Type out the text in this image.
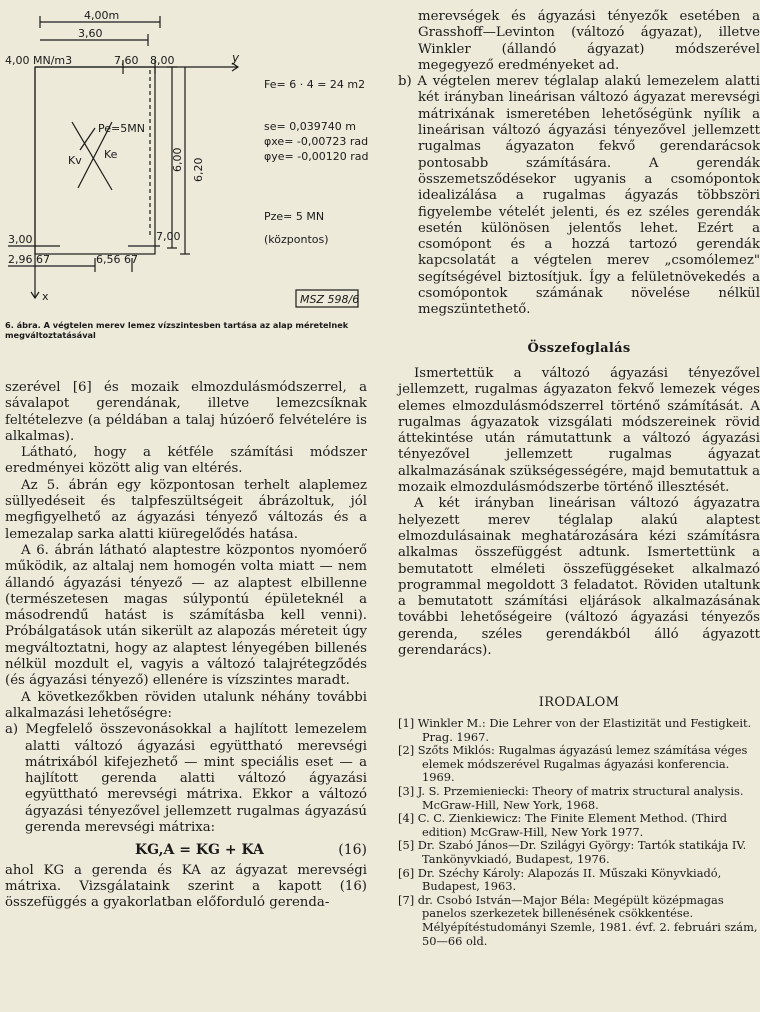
4,00m
3,60
4,00 MN/m3	7,60 8,00	y
x
Fe= 6 · 4 = 24 m2
se= 0,039740 m
φxe= -0,00723 rad
φye= -0,00120 rad
Pe=5MN
Ke
Kv	6,00 6,20
Pze= 5 MN
(központos)
3,00	7,00
2,96 67	6,56 67
MSZ 598/6
6. ábra. A végtelen merev lemez vízszintesben tartása az alap méretelnek megváltoztatásával

szerével [6] és mozaik elmozdulásmódszerrel, a sávalapot gerendának, illetve lemezcsíknak feltételezve (a példában a talaj húzóerő felvételére is alkalmas).

Látható, hogy a kétféle számítási módszer eredményei között alig van eltérés.

Az 5. ábrán egy központosan terhelt alaplemez süllyedéseit és talpfeszültségeit ábrázoltuk, jól megfigyelhető az ágyazási tényező változás és a lemezalap sarka alatti kiüregelődés hatása.

A 6. ábrán látható alaptestre központos nyomóerő működik, az altalaj nem homogén volta miatt — nem állandó ágyazási tényező — az alaptest elbillenne (természetesen magas súlypontú épületeknél a másodrendű hatást is számításba kell venni). Próbálgatások után sikerült az alapozás méreteit úgy megváltoztatni, hogy az alaptest lényegében billenés nélkül mozdult el, vagyis a változó talajrétegződés (és ágyazási tényező) ellenére is vízszintes maradt.

A következőkben röviden utalunk néhány további alkalmazási lehetőségre:

a) Megfelelő összevonásokkal a hajlított lemezelem alatti változó ágyazási együttható merevségi mátrixából kifejezhető — mint speciális eset — a hajlított gerenda alatti változó ágyazási együttható merevségi mátrixa. Ekkor a változó ágyazási tényezővel jellemzett rugalmas ágyazású gerenda merevségi mátrixa:

KG,A = KG + KA	(16)

ahol KG a gerenda és KA az ágyazat merevségi mátrixa. Vizsgálataink szerint a kapott (16) összefüggés a gyakorlatban előforduló gerenda-

merevségek és ágyazási tényezők esetében a Grasshoff—Levinton (változó ágyazat), illetve Winkler (állandó ágyazat) módszerével megegyező eredményeket ad.

b) A végtelen merev téglalap alakú lemezelem alatti két irányban lineárisan változó ágyazat merevségi mátrixának ismeretében lehetőségünk nyílik a lineárisan változó ágyazási tényezővel jellemzett rugalmas ágyazaton fekvő gerendarácsok pontosabb számítására. A gerendák összemetsződésekor ugyanis a csomópontok idealizálása a rugalmas ágyazás többszöri figyelembe vételét jelenti, és ez széles gerendák esetén különösen jelentős lehet. Ezért a csomópont és a hozzá tartozó gerendák kapcsolatát a végtelen merev „csomólemez" segítségével biztosítjuk. Így a felületnövekedés a csomópontok számának növelése nélkül megszüntethető.

Összefoglalás

Ismertettük a változó ágyazási tényezővel jellemzett, rugalmas ágyazaton fekvő lemezek véges elemes elmozdulásmódszerrel történő számítását. A rugalmas ágyazatok vizsgálati módszereinek rövid áttekintése után rámutattunk a változó ágyazási tényezővel jellemzett rugalmas ágyazat alkalmazásának szükségességére, majd bemutattuk a mozaik elmozdulásmódszerbe történő illesztését.

A két irányban lineárisan változó ágyazatra helyezett merev téglalap alakú alaptest elmozdulásainak meghatározására kézi számításra alkalmas összefüggést adtunk. Ismertettünk a bemutatott elméleti összefüggéseket alkalmazó programmal megoldott 3 feladatot. Röviden utaltunk a bemutatott számítási eljárások alkalmazásának további lehetőségeire (változó ágyazási tényezős gerenda, széles gerendákból álló ágyazott gerendarács).

IRODALOM

[1] Winkler M.: Die Lehrer von der Elastizität und Festigkeit. Prag. 1967.

[2] Szőts Miklós: Rugalmas ágyazású lemez számítása véges elemek módszerével Rugalmas ágyazási konferencia. 1969.

[3] J. S. Przemieniecki: Theory of matrix structural analysis. McGraw-Hill, New York, 1968.

[4] C. C. Zienkiewicz: The Finite Element Method. (Third edition) McGraw-Hill, New York 1977.

[5] Dr. Szabó János—Dr. Szilágyi György: Tartók statikája IV. Tankönyvkiadó, Budapest, 1976.

[6] Dr. Széchy Károly: Alapozás II. Műszaki Könyvkiadó, Budapest, 1963.

[7] dr. Csobó István—Major Béla: Megépült középmagas panelos szerkezetek billenésének csökkentése. Mélyépítéstudományi Szemle, 1981. évf. 2. februári szám, 50—66 old.
